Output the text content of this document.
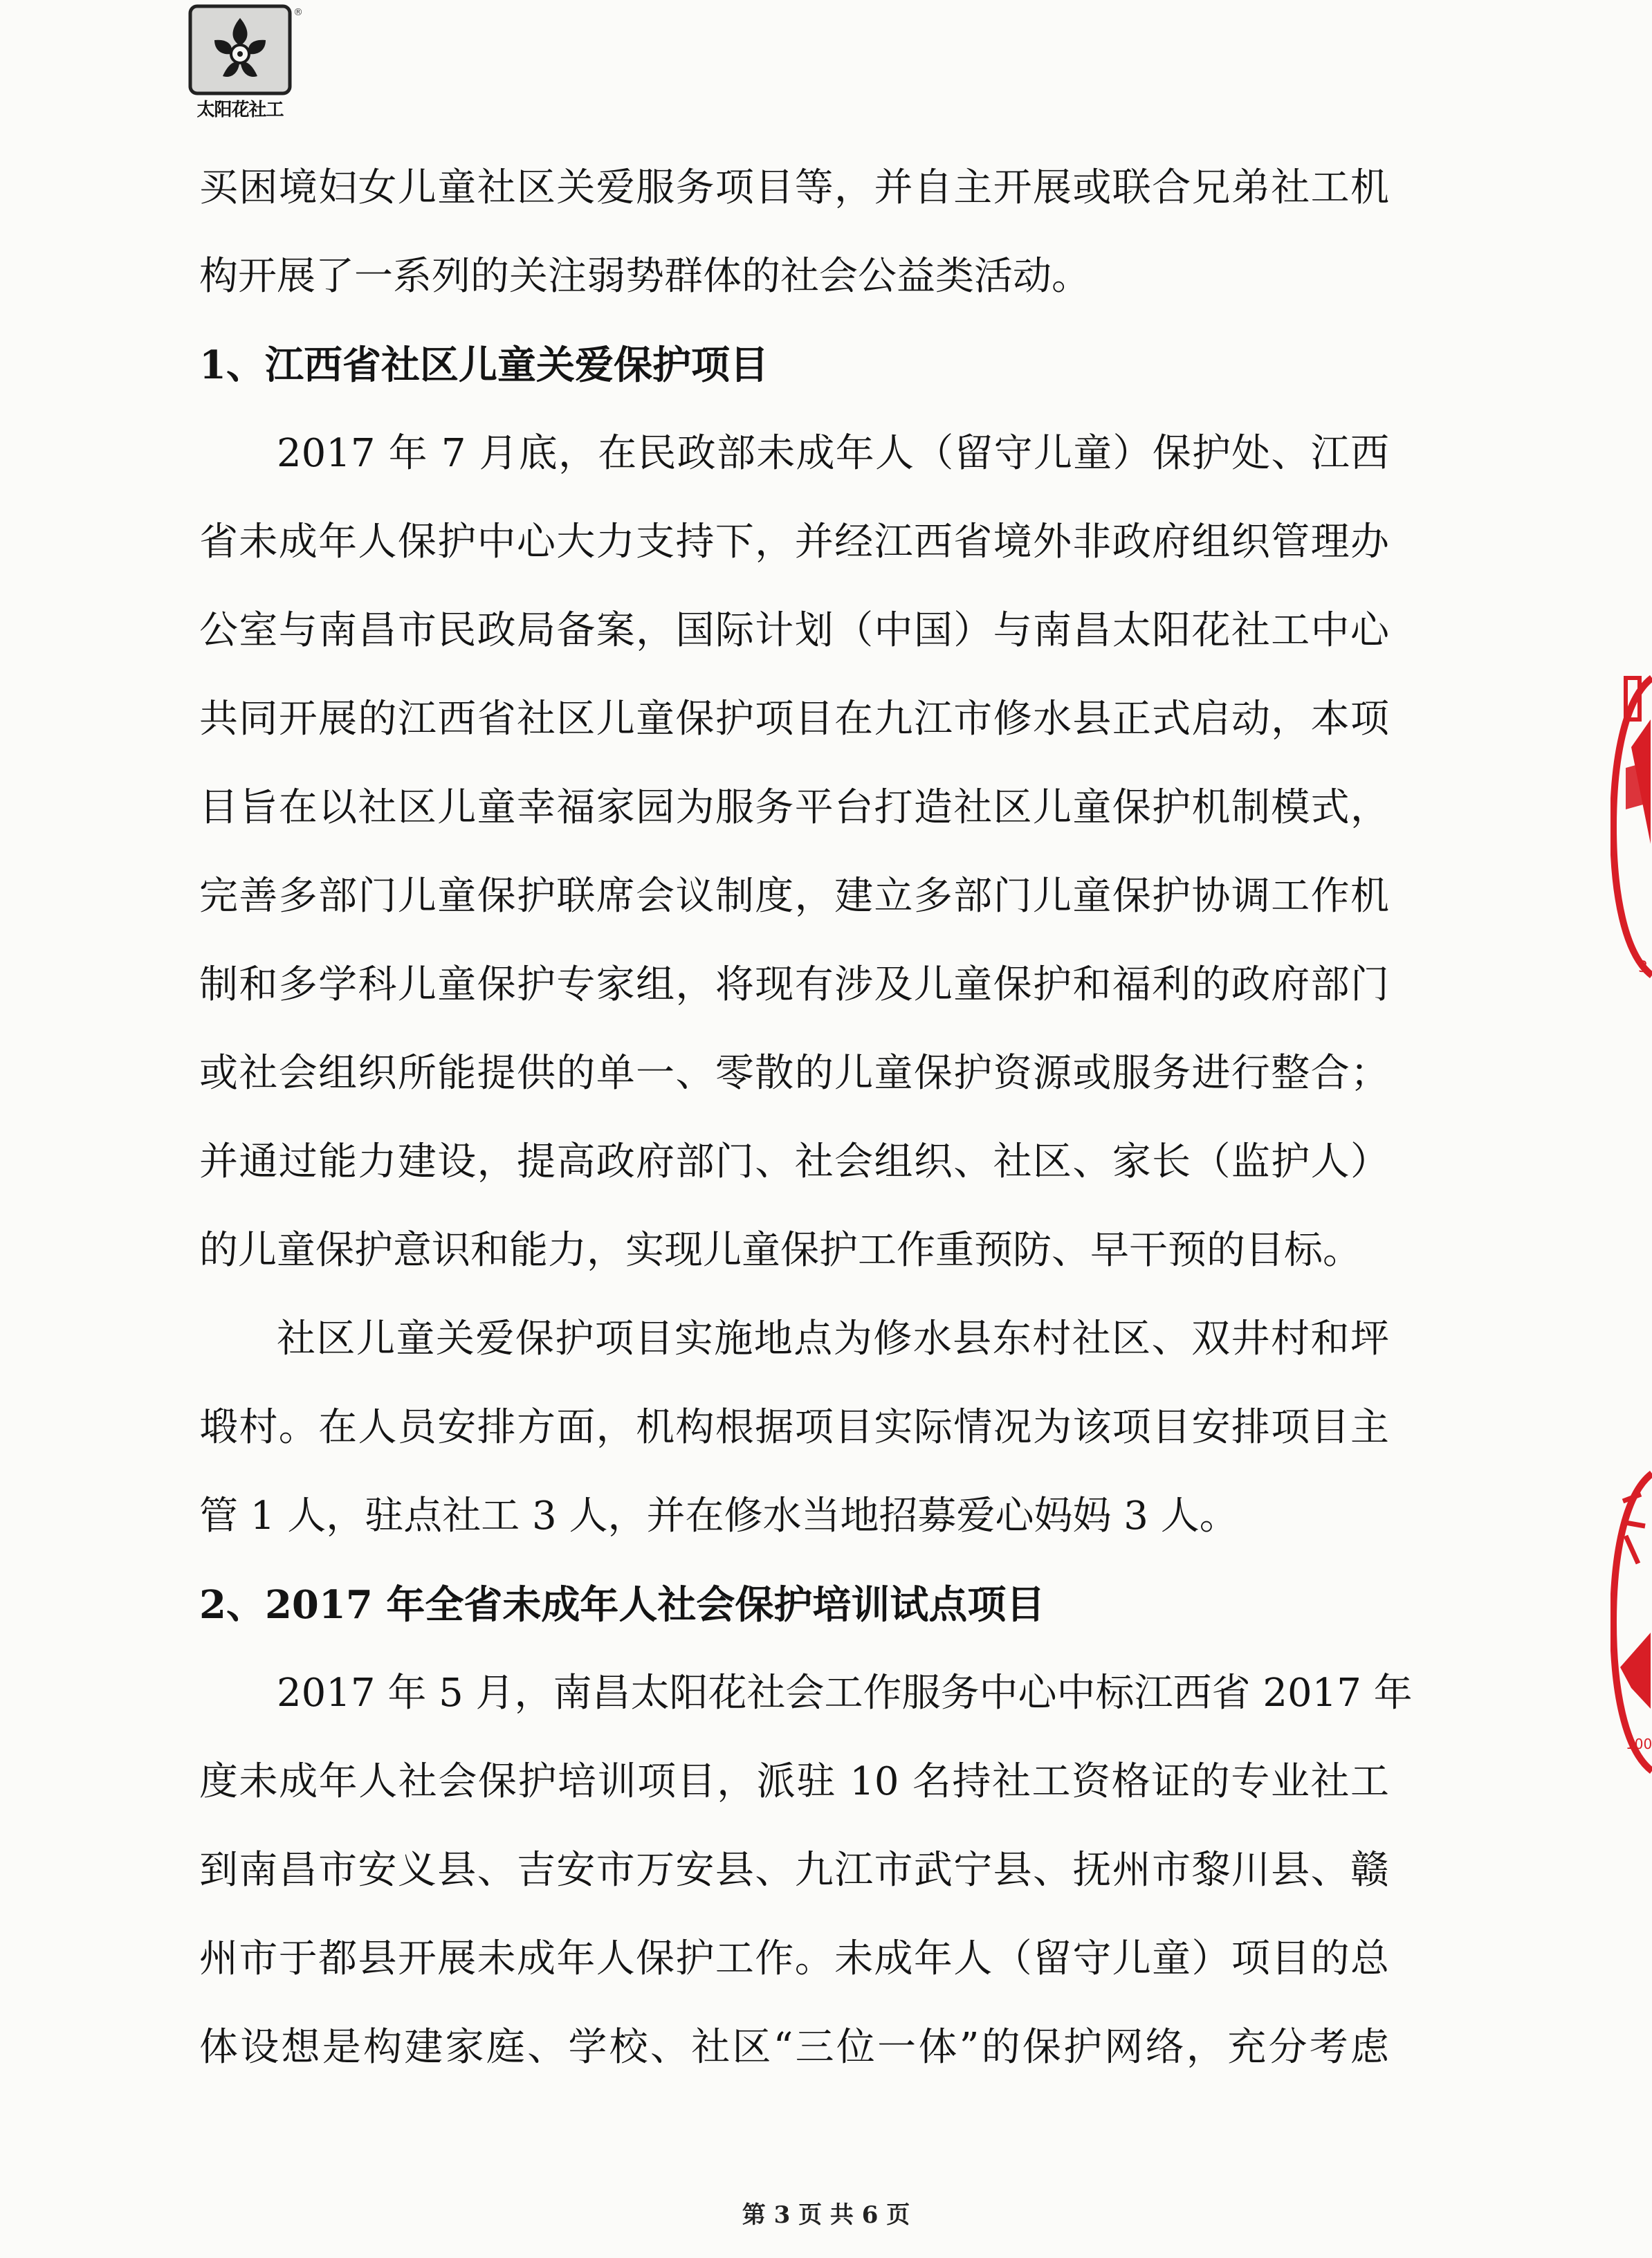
®
太阳花社工
3
100
买困境妇女儿童社区关爱服务项目等，并自主开展或联合兄弟社工机
构开展了一系列的关注弱势群体的社会公益类活动。
1、江西省社区儿童关爱保护项目
2017 年 7 月底，在民政部未成年人（留守儿童）保护处、江西
省未成年人保护中心大力支持下，并经江西省境外非政府组织管理办
公室与南昌市民政局备案，国际计划（中国）与南昌太阳花社工中心
共同开展的江西省社区儿童保护项目在九江市修水县正式启动，本项
目旨在以社区儿童幸福家园为服务平台打造社区儿童保护机制模式，
完善多部门儿童保护联席会议制度，建立多部门儿童保护协调工作机
制和多学科儿童保护专家组，将现有涉及儿童保护和福利的政府部门
或社会组织所能提供的单一、零散的儿童保护资源或服务进行整合；
并通过能力建设，提高政府部门、社会组织、社区、家长（监护人）
的儿童保护意识和能力，实现儿童保护工作重预防、早干预的目标。
社区儿童关爱保护项目实施地点为修水县东村社区、双井村和坪
塅村。在人员安排方面，机构根据项目实际情况为该项目安排项目主
管 1 人，驻点社工 3 人，并在修水当地招募爱心妈妈 3 人。
2、2017 年全省未成年人社会保护培训试点项目
2017 年 5 月，南昌太阳花社会工作服务中心中标江西省 2017 年
度未成年人社会保护培训项目，派驻 10 名持社工资格证的专业社工
到南昌市安义县、吉安市万安县、九江市武宁县、抚州市黎川县、赣
州市于都县开展未成年人保护工作。未成年人（留守儿童）项目的总
体设想是构建家庭、学校、社区“三位一体”的保护网络，充分考虑
第 3 页 共 6 页
